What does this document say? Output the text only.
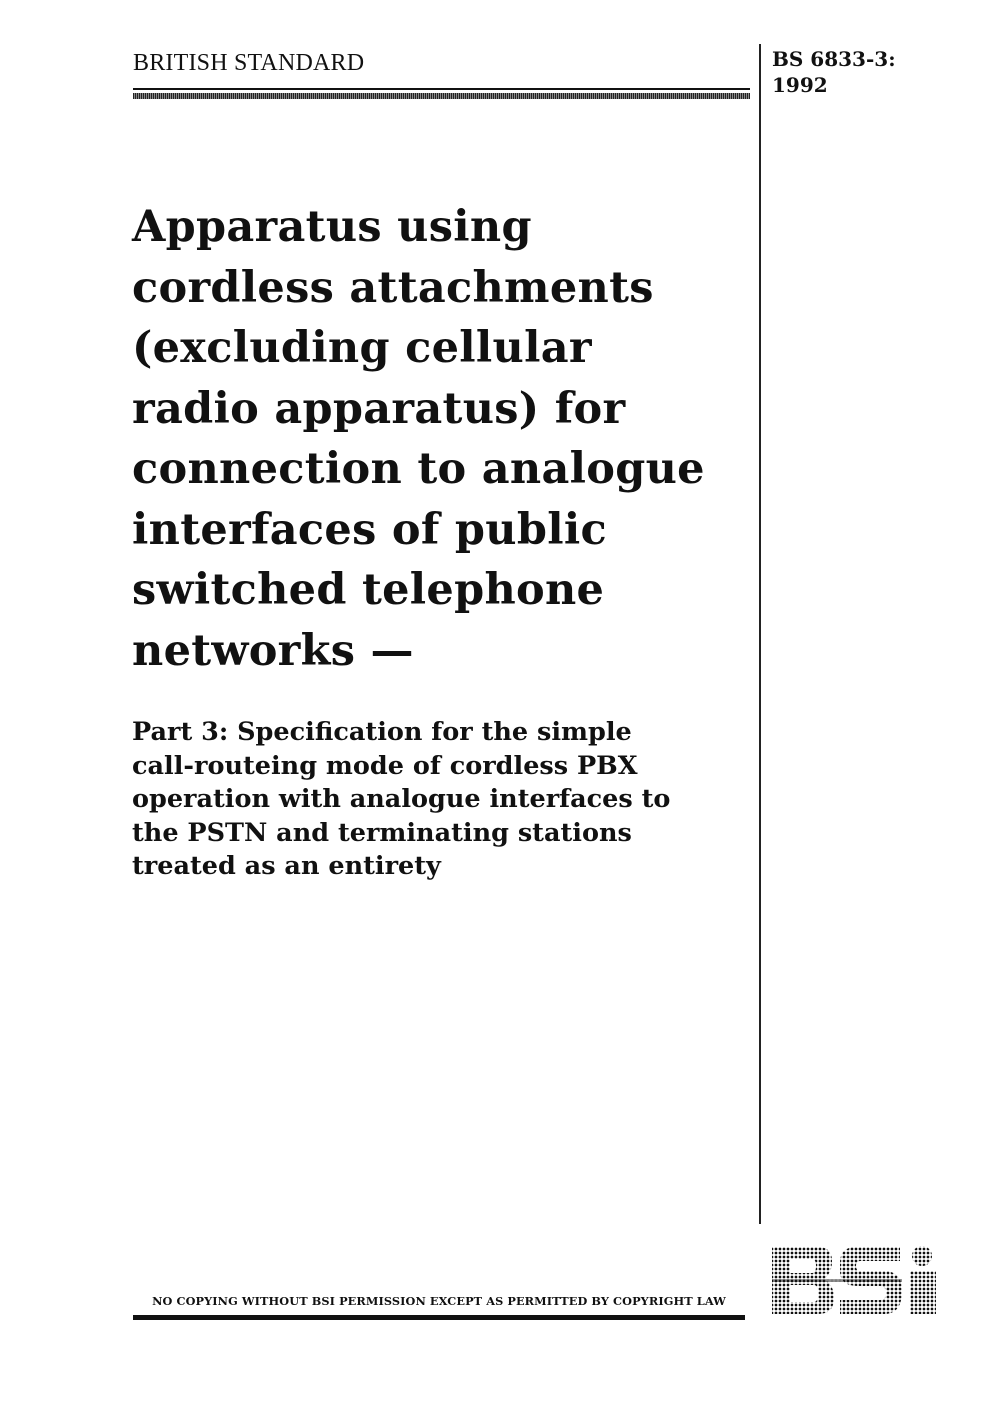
BRITISH STANDARD	BS 6833-3:
1992
Apparatus using
cordless attachments
(excluding cellular
radio apparatus) for
connection to analogue
interfaces of public
switched telephone
networks —
Part 3: Specification for the simple
call-routeing mode of cordless PBX
operation with analogue interfaces to
the PSTN and terminating stations
treated as an entirety
NO COPYING WITHOUT BSI PERMISSION EXCEPT AS PERMITTED BY COPYRIGHT LAW
